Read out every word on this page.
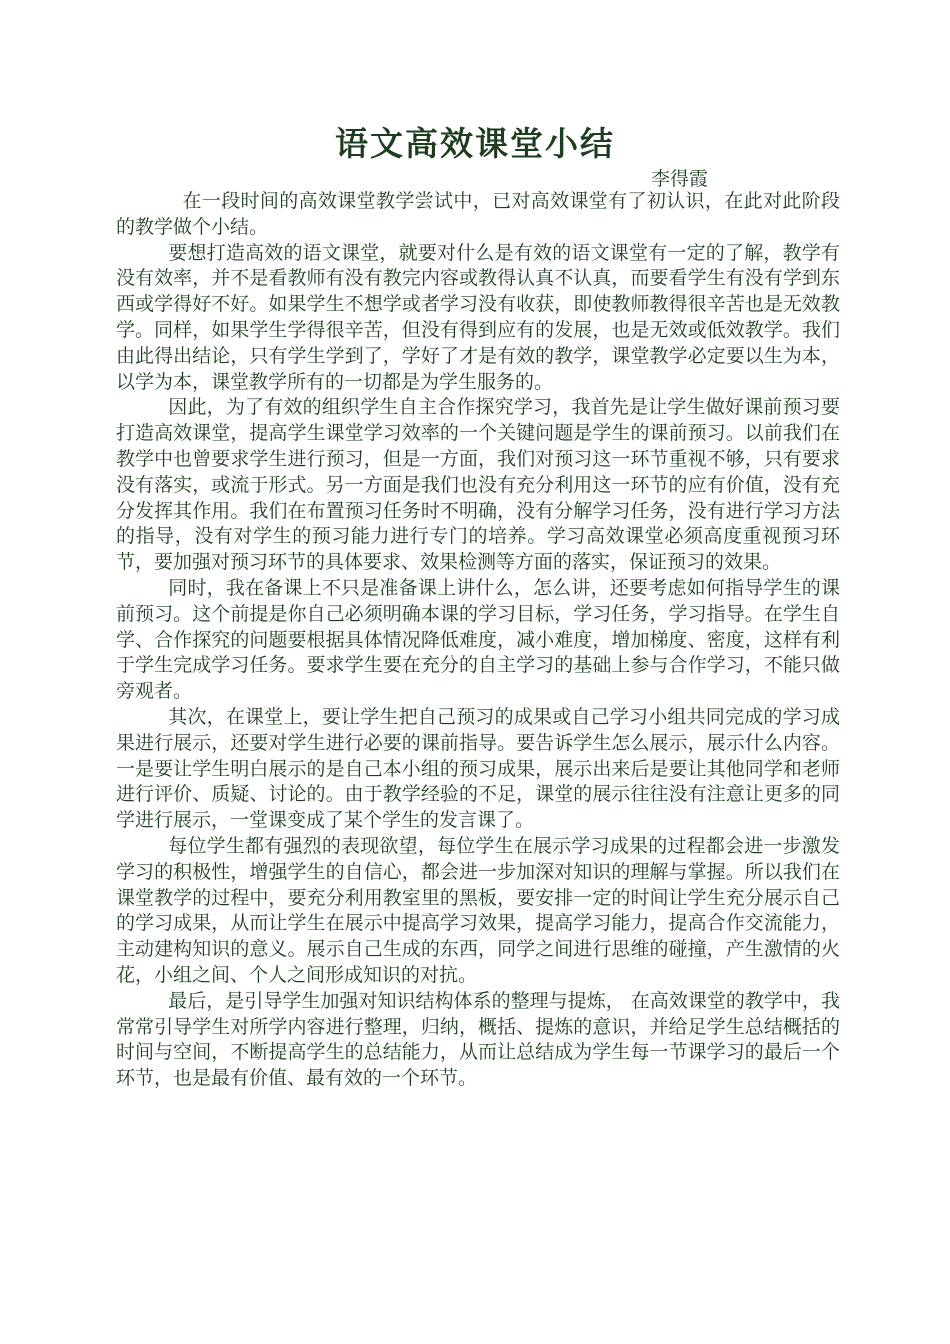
语文高效课堂小结
李得霞

在一段时间的高效课堂教学尝试中，已对高效课堂有了初认识，在此对此阶段的教学做个小结。

要想打造高效的语文课堂，就要对什么是有效的语文课堂有一定的了解，教学有没有效率，并不是看教师有没有教完内容或教得认真不认真，而要看学生有没有学到东西或学得好不好。如果学生不想学或者学习没有收获，即使教师教得很辛苦也是无效教学。同样，如果学生学得很辛苦，但没有得到应有的发展，也是无效或低效教学。我们由此得出结论，只有学生学到了，学好了才是有效的教学，课堂教学必定要以生为本，以学为本，课堂教学所有的一切都是为学生服务的。

因此，为了有效的组织学生自主合作探究学习，我首先是让学生做好课前预习要打造高效课堂，提高学生课堂学习效率的一个关键问题是学生的课前预习。以前我们在教学中也曾要求学生进行预习，但是一方面，我们对预习这一环节重视不够，只有要求没有落实，或流于形式。另一方面是我们也没有充分利用这一环节的应有价值，没有充分发挥其作用。我们在布置预习任务时不明确，没有分解学习任务，没有进行学习方法的指导，没有对学生的预习能力进行专门的培养。学习高效课堂必须高度重视预习环节，要加强对预习环节的具体要求、效果检测等方面的落实，保证预习的效果。

同时，我在备课上不只是准备课上讲什么，怎么讲，还要考虑如何指导学生的课前预习。这个前提是你自己必须明确本课的学习目标，学习任务，学习指导。在学生自学、合作探究的问题要根据具体情况降低难度，减小难度，增加梯度、密度，这样有利于学生完成学习任务。要求学生要在充分的自主学习的基础上参与合作学习，不能只做旁观者。

其次，在课堂上，要让学生把自己预习的成果或自己学习小组共同完成的学习成果进行展示，还要对学生进行必要的课前指导。要告诉学生怎么展示，展示什么内容。一是要让学生明白展示的是自己本小组的预习成果，展示出来后是要让其他同学和老师进行评价、质疑、讨论的。由于教学经验的不足，课堂的展示往往没有注意让更多的同学进行展示，一堂课变成了某个学生的发言课了。

每位学生都有强烈的表现欲望，每位学生在展示学习成果的过程都会进一步激发学习的积极性，增强学生的自信心，都会进一步加深对知识的理解与掌握。所以我们在课堂教学的过程中，要充分利用教室里的黑板，要安排一定的时间让学生充分展示自己的学习成果，从而让学生在展示中提高学习效果，提高学习能力，提高合作交流能力，主动建构知识的意义。展示自己生成的东西，同学之间进行思维的碰撞，产生激情的火花，小组之间、个人之间形成知识的对抗。

最后，是引导学生加强对知识结构体系的整理与提炼， 在高效课堂的教学中，我常常引导学生对所学内容进行整理，归纳，概括、提炼的意识，并给足学生总结概括的时间与空间，不断提高学生的总结能力，从而让总结成为学生每一节课学习的最后一个环节，也是最有价值、最有效的一个环节。
